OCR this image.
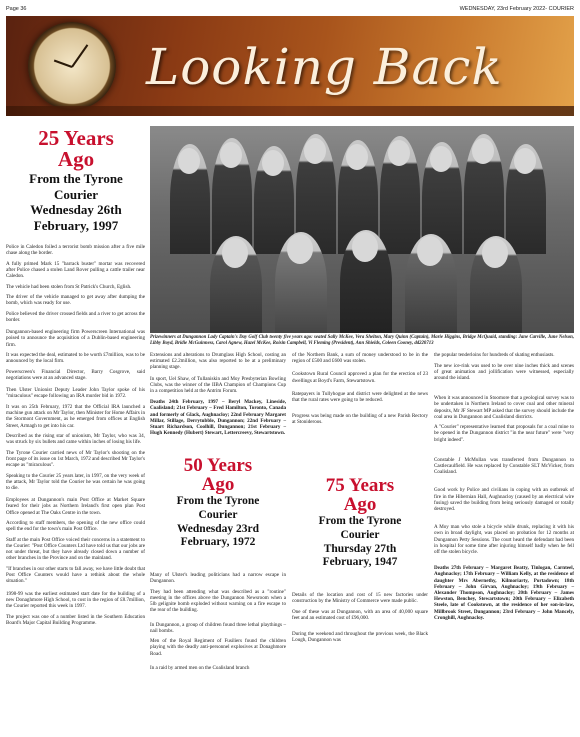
Page 36	WEDNESDAY, 23rd February 2022- COURIER
Looking Back
25 Years
Ago
From the Tyrone
Courier
Wednesday 26th
February, 1997

Police in Caledon foiled a terrorist bomb mission after a five mile chase along the border.

A fully primed Mark 15 "barrack buster" mortar was recovered after Police chased a stolen Land Rover pulling a cattle trailer near Caledon.

The vehicle had been stolen from St Patrick's Church, Eglish.

The driver of the vehicle managed to get away after dumping the bomb, which was ready for use.

Police believed the driver crossed fields and a river to get across the border.

Dungannon-based engineering firm Powerscreen International was poised to announce the acquisition of a Dublin-based engineering firm.

It was expected the deal, estimated to be worth £7million, was to be announced by the local firm.

Powerscreen's Financial Director, Barry Cosgrove, said negotiations were at an advanced stage.

Then Ulster Unionist Deputy Leader John Taylor spoke of his "miraculous" escape following an IRA murder bid in 1972.

It was on 25th February, 1972 that the Official IRA launched a machine gun attack on Mr Taylor, then Minister for Home Affairs in the Stormont Government, as he emerged from offices at English Street, Armagh to get into his car.

Described as the rising star of unionism, Mr Taylor, who was 34, was struck by six bullets and came within inches of losing his life.

The Tyrone Courier carried news of Mr Taylor's shooting on the front page of its issue on 1st March, 1972 and described Mr Taylor's escape as "miraculous".

Speaking to the Courier 25 years later, in 1997, on the very week of the attack, Mr Taylor told the Courier he was certain he was going to die.

Employees at Dungannon's main Post Office at Market Square feared for their jobs as Northern Ireland's first open plan Post Office opened at The Oaks Centre in the town.

According to staff members, the opening of the new office could spell the end for the town's main Post Office.

Staff at the main Post Office voiced their concerns in a statement to the Courier: "Post Office Counters Ltd have told us that our jobs are not under threat, but they have already closed down a number of other branches in the Province and on the mainland.

"If branches in our other starts to fall away, we have little doubt that Post Office Counters would have a rethink about the whole situation."

1998-99 was the earliest estimated start date for the building of a new Donaghmore High School, to cost in the region of £8.7million, the Courier reported this week in 1997.

The project was one of a number listed in the Southern Education Board's Major Capital Building Programme.

Prizewinners at Dungannon Lady Captain's Day Golf Club twenty five years ago: seated Sally McKee, Vera Shelton, Mary Quinn (Captain), Marie Higgins, Bridge McQuaid, standing: Jane Carville, June Nelson, Libby Boyd, Bridie McGuinness, Carol Agnew, Hazel McKee, Roisin Campbell, Vi Fleming (President), Ann Shields, Coleen Cooney, dd220713

Extensions and alterations to Drumglass High School, costing an estimated £2.2million, was also reported to be at a preliminary planning stage.

In sport, Uel Shaw, of Tullaniskin and Moy Presbyterian Bowling Clubs, was the winner of the IIBA Champion of Champions Cup in a competition held at the Antrim Forum.

Deaths 24th February, 1997 – Beryl Mackey, Lineside, Coalisland; 21st February – Fred Hamilton, Toronto, Canada and formerly of Glack, Aughnacloy; 22nd February Margaret Millar, Stillage, Derrytubble, Dungannon; 22nd February – Stuart Richardson, Coolhill, Dungannon; 21st February – Hugh Kennedy (Hubert) Stewart, Lettercreevy, Stewartstown.

50 Years
Ago
From the Tyrone
Courier
Wednesday 23rd
February, 1972

Many of Ulster's leading politicians had a narrow escape in Dungannon.

They had been attending what was described as a "routine" meeting in the offices above the Dungannon Newsroom when a 5lb gelignite bomb exploded without warning on a fire escape to the rear of the building.

In Dungannon, a group of children found three lethal playthings – nail bombs.

Men of the Royal Regiment of Fusiliers found the children playing with the deadly anti-personnel explosives at Donaghmore Road.

In a raid by armed men on the Coalisland branch

of the Northern Bank, a sum of money understood to be in the region of £500 and £600 was stolen.

Cookstown Rural Council approved a plan for the erection of 23 dwellings at Boyd's Farm, Stewartstown.

Ratepayers in Tullyhogue and district were delighted at the news that the rural rates were going to be reduced.

Progress was being made on the building of a new Parish Rectory at Stonideroos.

75 Years
Ago
From the Tyrone
Courier
Thursday 27th
February, 1947

Details of the location and cost of 15 new factories under construction by the Ministry of Commerce were made public.

One of these was at Dungannon, with an area of 40,000 square feet and an estimated cost of £96,000.

During the weekend and throughout the previous week, the Black Lough, Dungannon was

the popular tenderloins for hundreds of skating enthusiasts.

The new ice-rink was used to be over nine inches thick and scenes of great animation and jollification were witnessed, especially around the island.

When it was announced in Stoomore that a geological survey was to be undertaken in Northern Ireland to cover coal and other mineral deposits, Mr JF Stewart MP asked that the survey should include the coal area in Dungannon and Coalisland districts.

A "Courier" representative learned that proposals for a coal mine to be opened in the Dungannon district "in the near future" were "very bright indeed".

Constable J McMullan was transferred from Dungannon to Castlecaulfield. He was replaced by Constable SLT McVicker, from Coalisland.

Good work by Police and civilians in coping with an outbreak of fire in the Hibernian Hall, Aughnacloy (caused by an electrical wire fusing) saved the building from being seriously damaged or totally destroyed.

A Moy man who stole a bicycle while drunk, replacing it with his own in broad daylight, was placed on probation for 12 months at Dungannon Petty Sessions. The court heard the defendant had been in hospital for some time after injuring himself badly when he fell off the stolen bicycle.

Deaths 27th February – Margaret Beatty, Tinlogan, Carnteel, Aughnacloy; 17th February – William Kelly, at the residence of daughter Mrs Abernethy, Kilmoriarty, Portadown; 18th February – John Girvan, Aughnacloy; 19th February – Alexander Thompson, Aughnacloy; 20th February – James Hewston, Benchey, Stewartstown; 20th February – Elizabeth Steele, late of Cookstown, at the residence of her son-in-law, Millbrook Street, Dungannon; 23rd February – John Mancely, Cronghill, Aughnacloy.
